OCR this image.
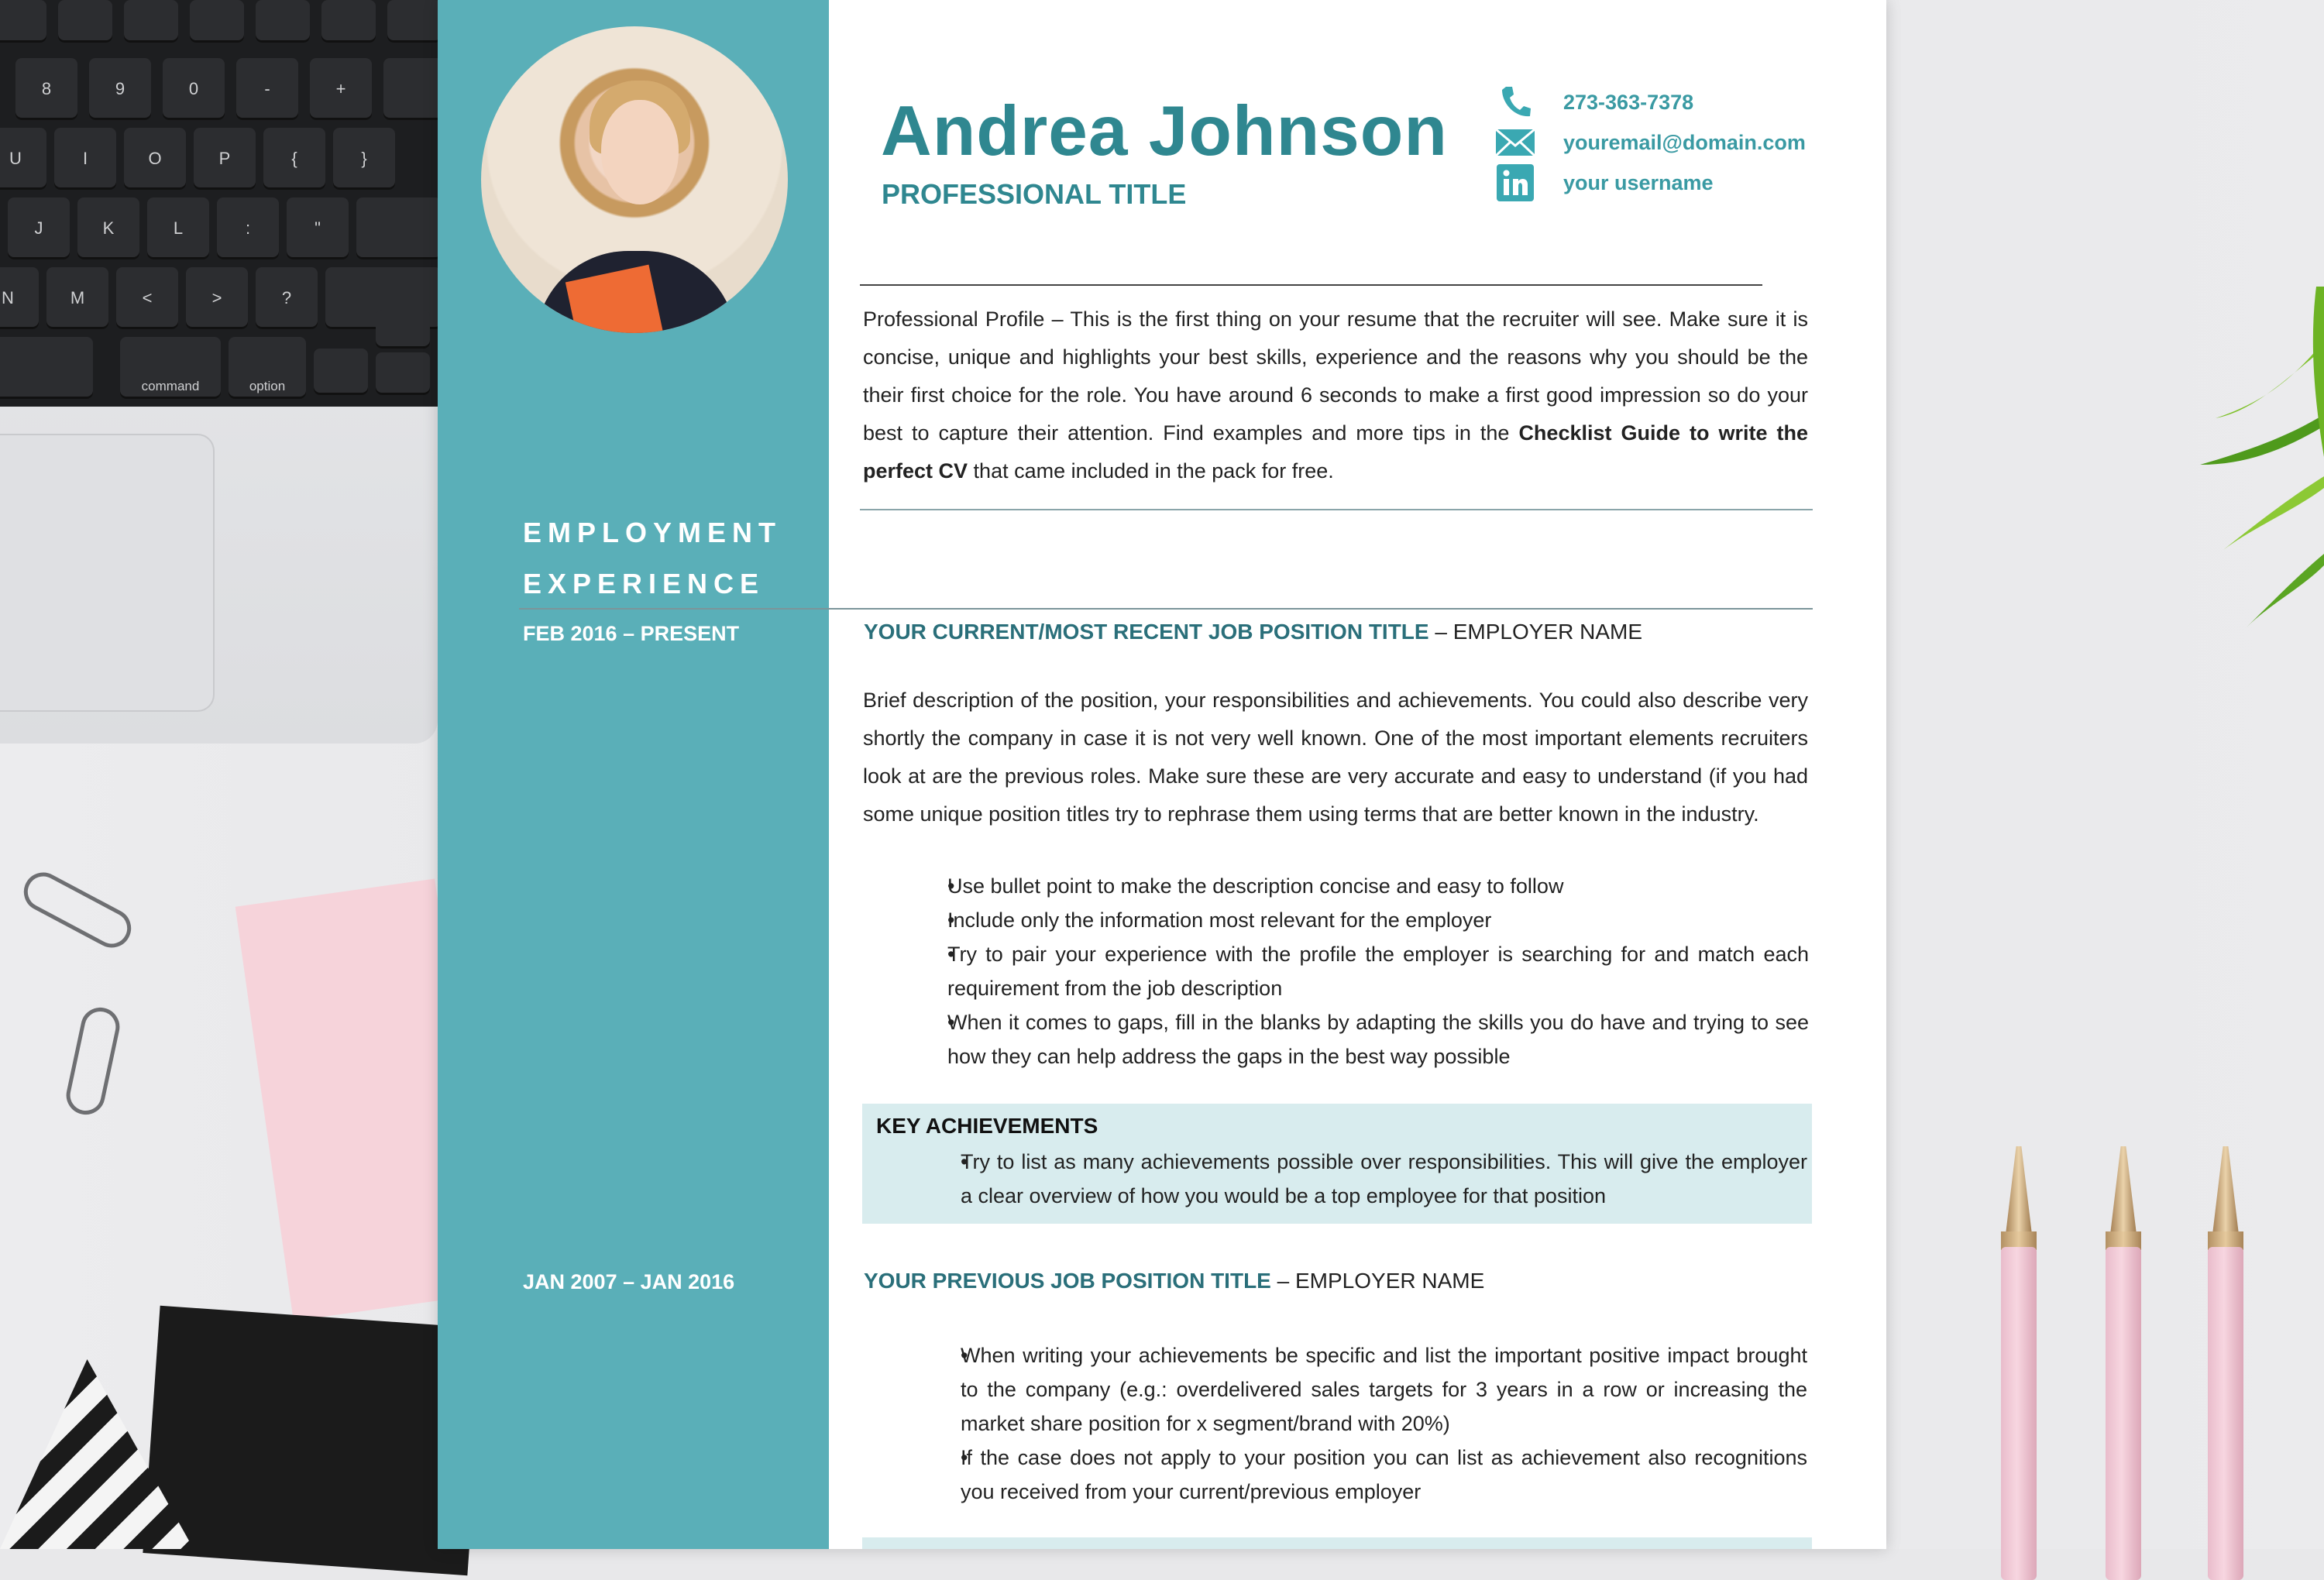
8	9	0	-	+
U	I	O	P	{	}
J	K	L	:	"
N	M	<	>	?
command	option
EMPLOYMENT
EXPERIENCE
FEB 2016 – PRESENT
JAN 2007 – JAN 2016
Andrea Johnson
PROFESSIONAL TITLE
273-363-7378
youremail@domain.com
your username
Professional Profile – This is the first thing on your resume that the recruiter will see. Make sure it is concise, unique and highlights your best skills, experience and the reasons why you should be the their first choice for the role. You have around 6 seconds to make a first good impression so do your best to capture their attention. Find examples and more tips in the Checklist Guide to write the perfect CV that came included in the pack for free.
YOUR CURRENT/MOST RECENT JOB POSITION TITLE – EMPLOYER NAME
Brief description of the position, your responsibilities and achievements. You could also describe very shortly the company in case it is not very well known. One of the most important elements recruiters look at are the previous roles. Make sure these are very accurate and easy to understand (if you had some unique position titles try to rephrase them using terms that are better known in the industry.
• Use bullet point to make the description concise and easy to follow
• Include only the information most relevant for the employer
• Try to pair your experience with the profile the employer is searching for and match each requirement from the job description
• When it comes to gaps, fill in the blanks by adapting the skills you do have and trying to see how they can help address the gaps in the best way possible
KEY ACHIEVEMENTS
• Try to list as many achievements possible over responsibilities. This will give the employer a clear overview of how you would be a top employee for that position
YOUR PREVIOUS JOB POSITION TITLE – EMPLOYER NAME
• When writing your achievements be specific and list the important positive impact brought to the company (e.g.: overdelivered sales targets for 3 years in a row or increasing the market share position for x segment/brand with 20%)
• If the case does not apply to your position you can list as achievement also recognitions you received from your current/previous employer
